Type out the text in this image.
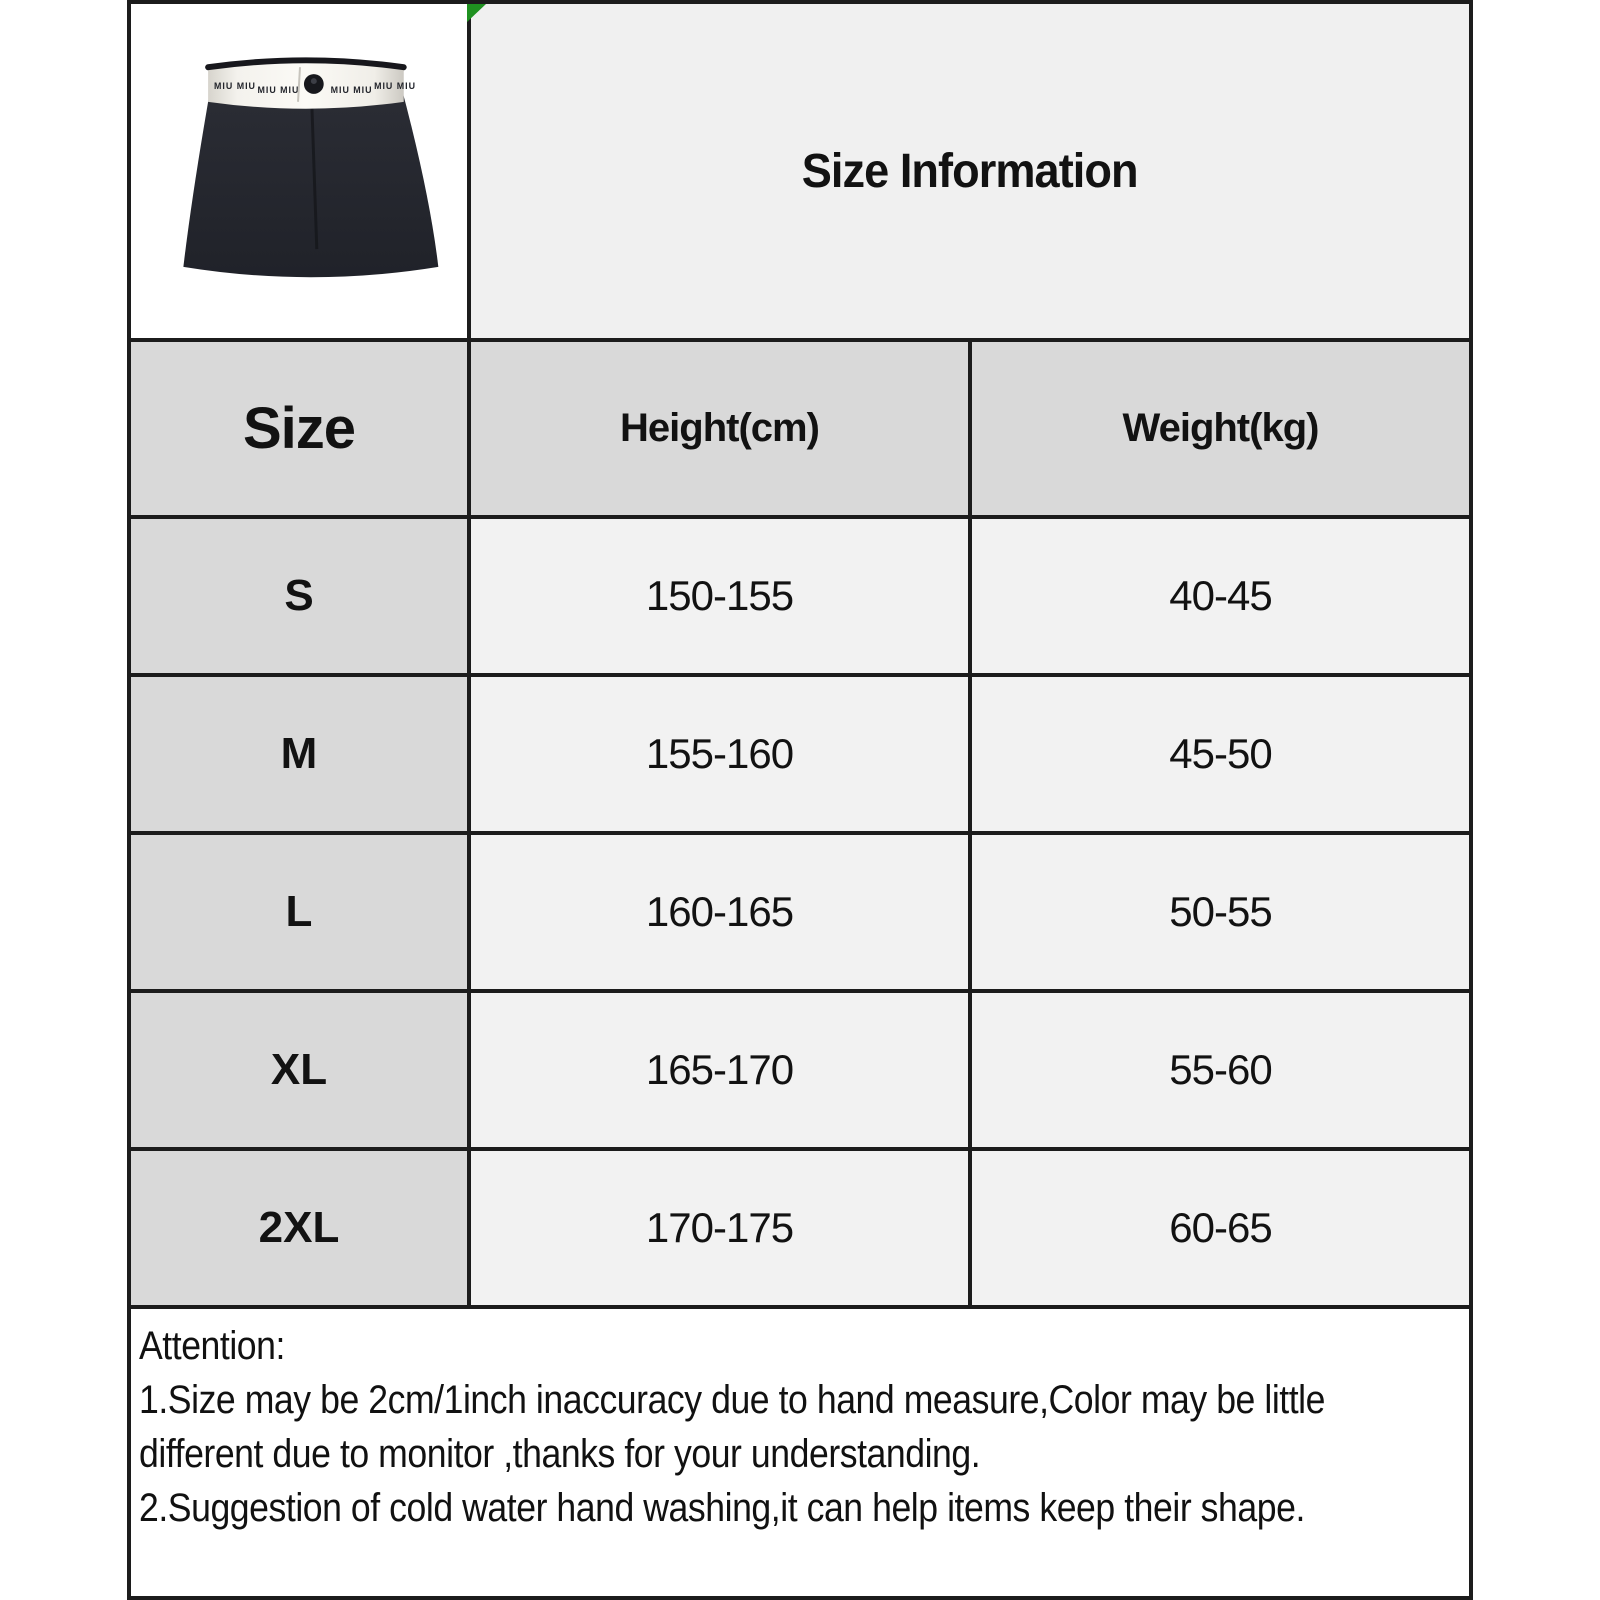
MIU MIU MIU MIU	MIU MIU MIU MIU
Size Information
Size	Height(cm)	Weight(kg)
S	150-155	40-45
M	155-160	45-50
L	160-165	50-55
XL	165-170	55-60
2XL	170-175	60-65
Attention:
1.Size may be 2cm/1inch inaccuracy due to hand measure,Color may be little
different due to monitor ,thanks for your understanding.
2.Suggestion of cold water hand washing,it can help items keep their shape.
